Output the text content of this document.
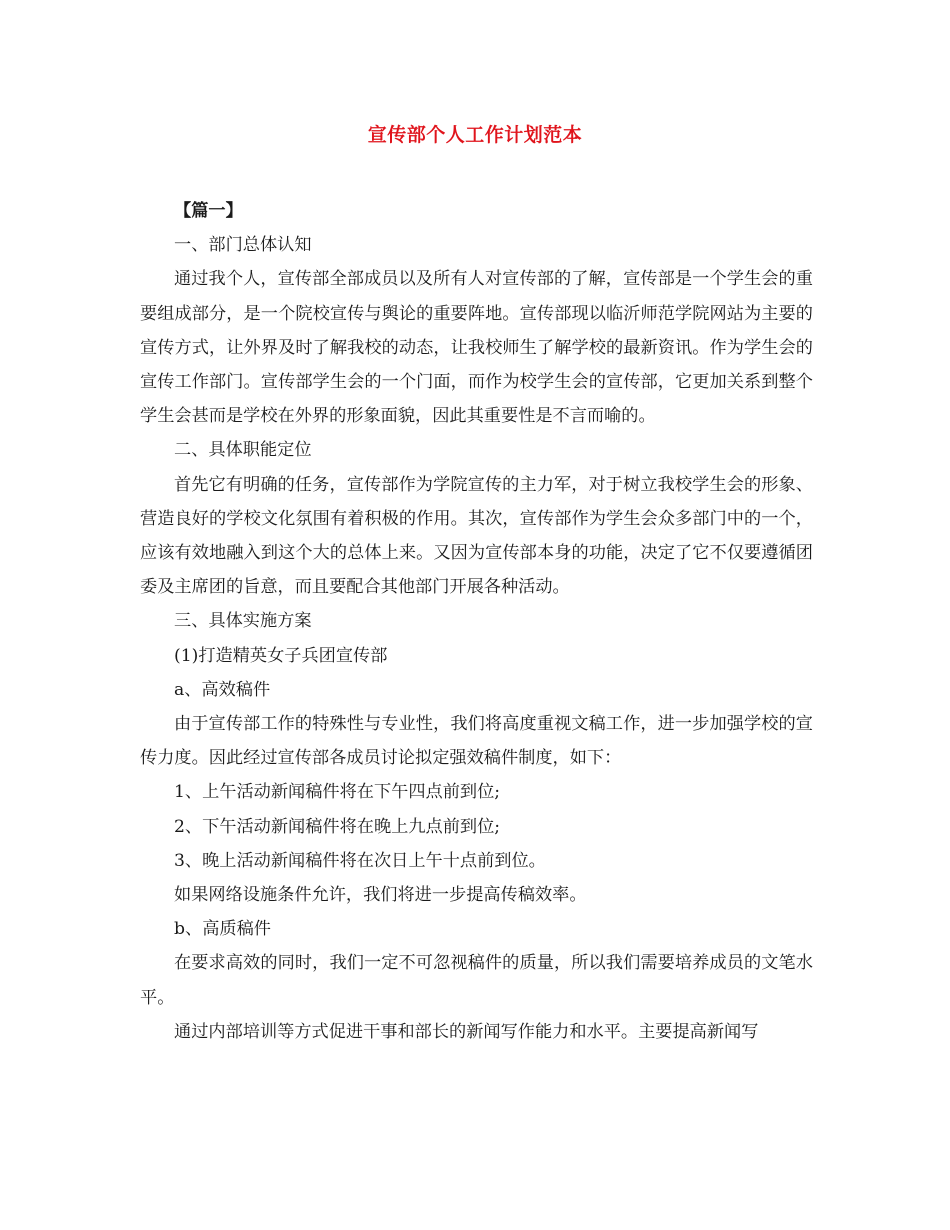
宣传部个人工作计划范本

【篇一】

一、部门总体认知

通过我个人，宣传部全部成员以及所有人对宣传部的了解，宣传部是一个学生会的重要组成部分，是一个院校宣传与舆论的重要阵地。宣传部现以临沂师范学院网站为主要的宣传方式，让外界及时了解我校的动态，让我校师生了解学校的最新资讯。作为学生会的宣传工作部门。宣传部学生会的一个门面，而作为校学生会的宣传部，它更加关系到整个学生会甚而是学校在外界的形象面貌，因此其重要性是不言而喻的。

二、具体职能定位

首先它有明确的任务，宣传部作为学院宣传的主力军，对于树立我校学生会的形象、营造良好的学校文化氛围有着积极的作用。其次，宣传部作为学生会众多部门中的一个，应该有效地融入到这个大的总体上来。又因为宣传部本身的功能，决定了它不仅要遵循团委及主席团的旨意，而且要配合其他部门开展各种活动。

三、具体实施方案

(1)打造精英女子兵团宣传部

a、高效稿件

由于宣传部工作的特殊性与专业性，我们将高度重视文稿工作，进一步加强学校的宣传力度。因此经过宣传部各成员讨论拟定强效稿件制度，如下：

1、上午活动新闻稿件将在下午四点前到位;

2、下午活动新闻稿件将在晚上九点前到位;

3、晚上活动新闻稿件将在次日上午十点前到位。

如果网络设施条件允许，我们将进一步提高传稿效率。

b、高质稿件

在要求高效的同时，我们一定不可忽视稿件的质量，所以我们需要培养成员的文笔水平。

通过内部培训等方式促进干事和部长的新闻写作能力和水平。主要提高新闻写
